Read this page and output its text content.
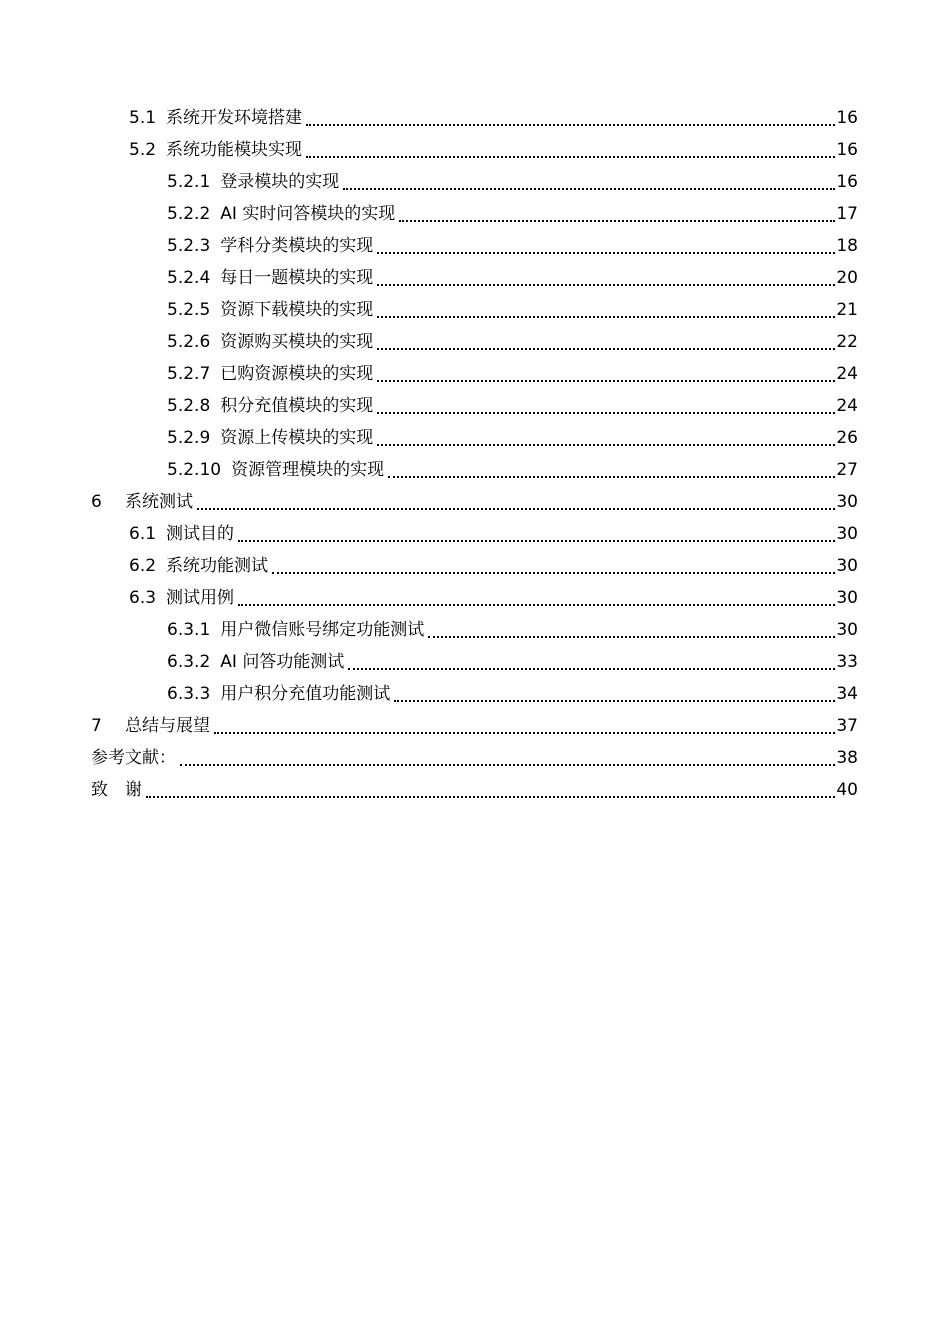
5.1 系统开发环境搭建	16
5.2 系统功能模块实现	16
5.2.1 登录模块的实现	16
5.2.2 AI 实时问答模块的实现	17
5.2.3 学科分类模块的实现	18
5.2.4 每日一题模块的实现	20
5.2.5 资源下载模块的实现	21
5.2.6 资源购买模块的实现	22
5.2.7 已购资源模块的实现	24
5.2.8 积分充值模块的实现	24
5.2.9 资源上传模块的实现	26
5.2.10 资源管理模块的实现	27
6 系统测试	30
6.1 测试目的	30
6.2 系统功能测试	30
6.3 测试用例	30
6.3.1 用户微信账号绑定功能测试	30
6.3.2 AI 问答功能测试	33
6.3.3 用户积分充值功能测试	34
7 总结与展望	37
参考文献：	38
致　谢	40
